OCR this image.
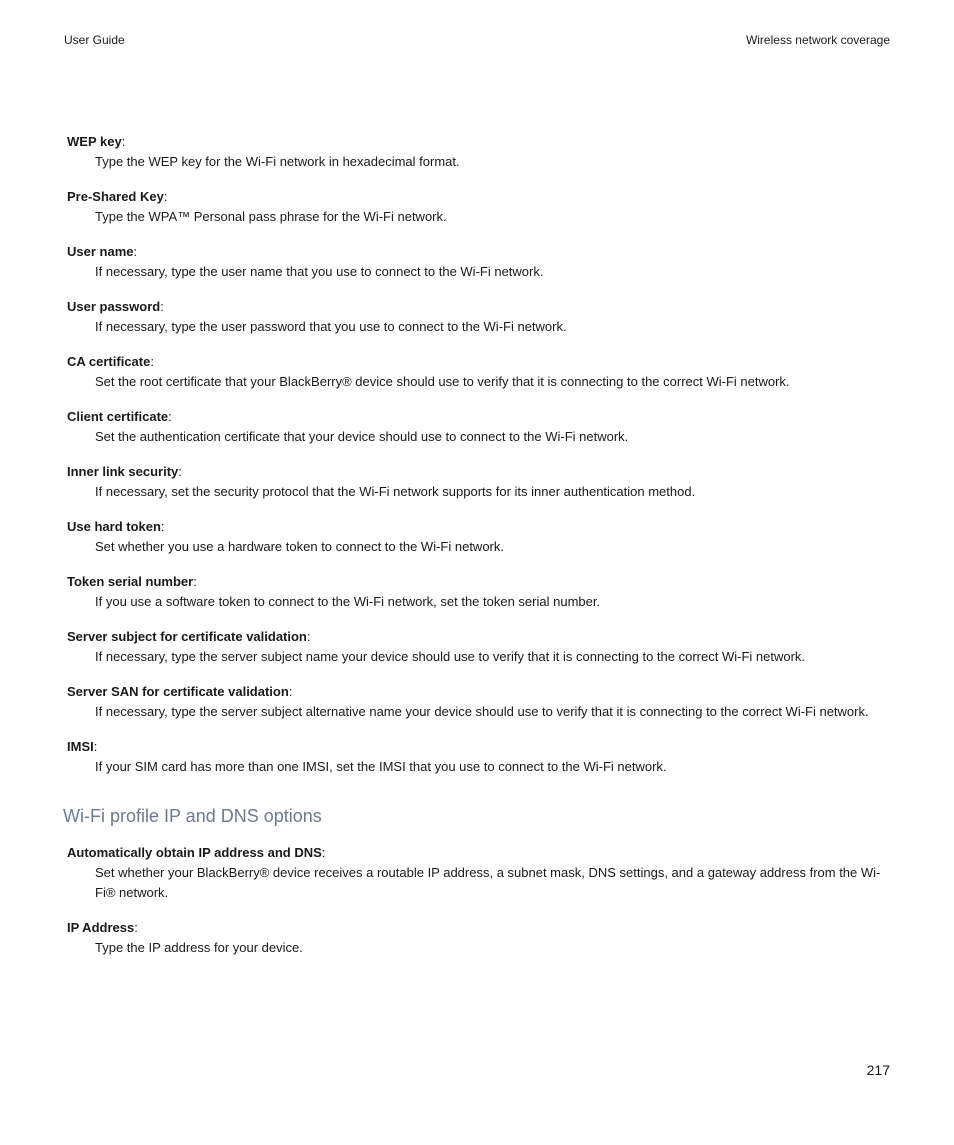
User Guide	Wireless network coverage
WEP key:
Type the WEP key for the Wi-Fi network in hexadecimal format.
Pre-Shared Key:
Type the WPA™ Personal pass phrase for the Wi-Fi network.
User name:
If necessary, type the user name that you use to connect to the Wi-Fi network.
User password:
If necessary, type the user password that you use to connect to the Wi-Fi network.
CA certificate:
Set the root certificate that your BlackBerry® device should use to verify that it is connecting to the correct Wi-Fi network.
Client certificate:
Set the authentication certificate that your device should use to connect to the Wi-Fi network.
Inner link security:
If necessary, set the security protocol that the Wi-Fi network supports for its inner authentication method.
Use hard token:
Set whether you use a hardware token to connect to the Wi-Fi network.
Token serial number:
If you use a software token to connect to the Wi-Fi network, set the token serial number.
Server subject for certificate validation:
If necessary, type the server subject name your device should use to verify that it is connecting to the correct Wi-Fi network.
Server SAN for certificate validation:
If necessary, type the server subject alternative name your device should use to verify that it is connecting to the correct Wi-Fi network.
IMSI:
If your SIM card has more than one IMSI, set the IMSI that you use to connect to the Wi-Fi network.
Wi-Fi profile IP and DNS options
Automatically obtain IP address and DNS:
Set whether your BlackBerry® device receives a routable IP address, a subnet mask, DNS settings, and a gateway address from the Wi-Fi® network.
IP Address:
Type the IP address for your device.
217
